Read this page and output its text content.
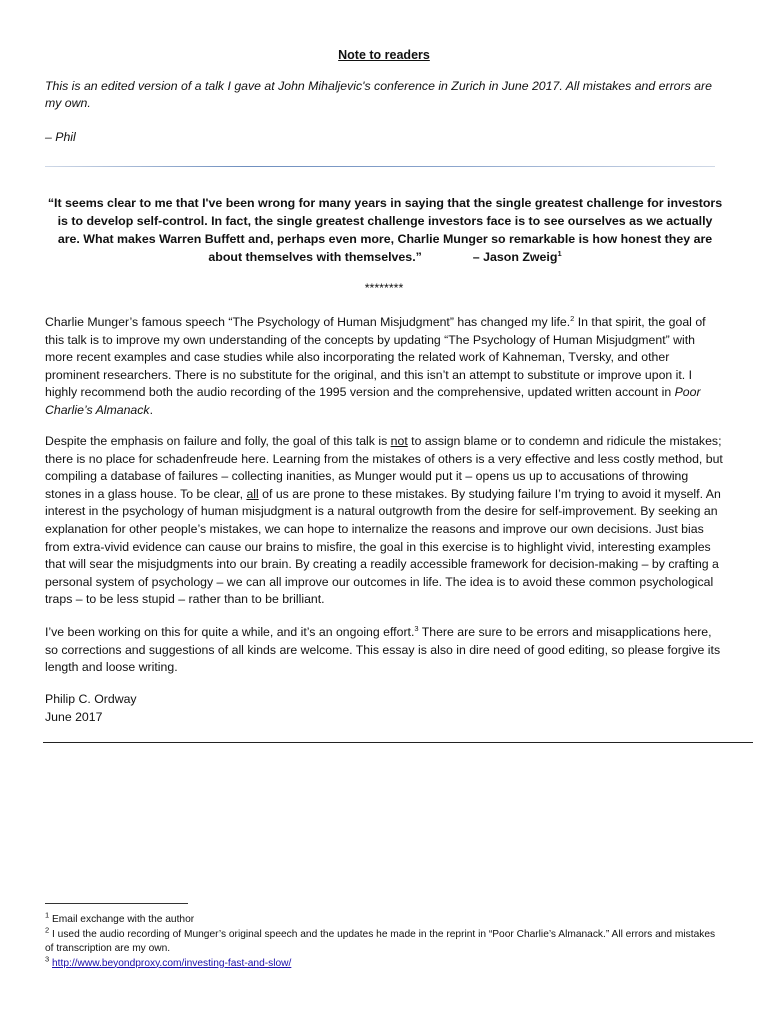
Note to readers
This is an edited version of a talk I gave at John Mihaljevic's conference in Zurich in June 2017. All mistakes and errors are my own.
– Phil
“It seems clear to me that I've been wrong for many years in saying that the single greatest challenge for investors is to develop self-control. In fact, the single greatest challenge investors face is to see ourselves as we actually are. What makes Warren Buffett and, perhaps even more, Charlie Munger so remarkable is how honest they are about themselves with themselves.”	– Jason Zweig$^1$
********
Charlie Munger’s famous speech “The Psychology of Human Misjudgment” has changed my life.$^2$ In that spirit, the goal of this talk is to improve my own understanding of the concepts by updating “The Psychology of Human Misjudgment” with more recent examples and case studies while also incorporating the related work of Kahneman, Tversky, and other prominent researchers. There is no substitute for the original, and this isn’t an attempt to substitute or improve upon it. I highly recommend both the audio recording of the 1995 version and the comprehensive, updated written account in Poor Charlie’s Almanack.
Despite the emphasis on failure and folly, the goal of this talk is not to assign blame or to condemn and ridicule the mistakes; there is no place for schadenfreude here. Learning from the mistakes of others is a very effective and less costly method, but compiling a database of failures – collecting inanities, as Munger would put it – opens us up to accusations of throwing stones in a glass house. To be clear, all of us are prone to these mistakes. By studying failure I’m trying to avoid it myself. An interest in the psychology of human misjudgment is a natural outgrowth from the desire for self-improvement. By seeking an explanation for other people’s mistakes, we can hope to internalize the reasons and improve our own decisions. Just bias from extra-vivid evidence can cause our brains to misfire, the goal in this exercise is to highlight vivid, interesting examples that will sear the misjudgments into our brain. By creating a readily accessible framework for decision-making – by crafting a personal system of psychology – we can all improve our outcomes in life. The idea is to avoid these common psychological traps – to be less stupid – rather than to be brilliant.
I’ve been working on this for quite a while, and it’s an ongoing effort.$^3$ There are sure to be errors and misapplications here, so corrections and suggestions of all kinds are welcome. This essay is also in dire need of good editing, so please forgive its length and loose writing.
Philip C. Ordway
June 2017

$^1$ Email exchange with the author

$^2$ I used the audio recording of Munger’s original speech and the updates he made in the reprint in “Poor Charlie’s Almanack.” All errors and mistakes of transcription are my own.

$^3$ http://www.beyondproxy.com/investing-fast-and-slow/
